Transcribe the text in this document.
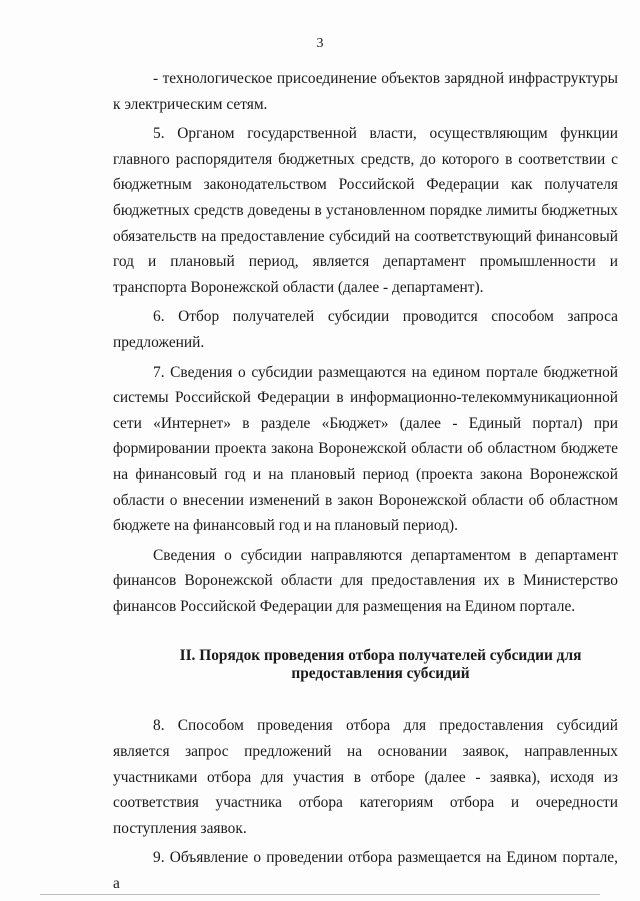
3

- технологическое присоединение объектов зарядной инфраструктуры к электрическим сетям.

5. Органом государственной власти, осуществляющим функции главного распорядителя бюджетных средств, до которого в соответствии с бюджетным законодательством Российской Федерации как получателя бюджетных средств доведены в установленном порядке лимиты бюджетных обязательств на предоставление субсидий на соответствующий финансовый год и плановый период, является департамент промышленности и транспорта Воронежской области (далее - департамент).

6. Отбор получателей субсидии проводится способом запроса предложений.

7. Сведения о субсидии размещаются на едином портале бюджетной системы Российской Федерации в информационно-телекоммуникационной сети «Интернет» в разделе «Бюджет» (далее - Единый портал) при формировании проекта закона Воронежской области об областном бюджете на финансовый год и на плановый период (проекта закона Воронежской области о внесении изменений в закон Воронежской области об областном бюджете на финансовый год и на плановый период).

Сведения о субсидии направляются департаментом в департамент финансов Воронежской области для предоставления их в Министерство финансов Российской Федерации для размещения на Едином портале.

II. Порядок проведения отбора получателей субсидии для
предоставления субсидий

8. Способом проведения отбора для предоставления субсидий является запрос предложений на основании заявок, направленных участниками отбора для участия в отборе (далее - заявка), исходя из соответствия участника отбора категориям отбора и очередности поступления заявок.

9. Объявление о проведении отбора размещается на Едином портале, а
